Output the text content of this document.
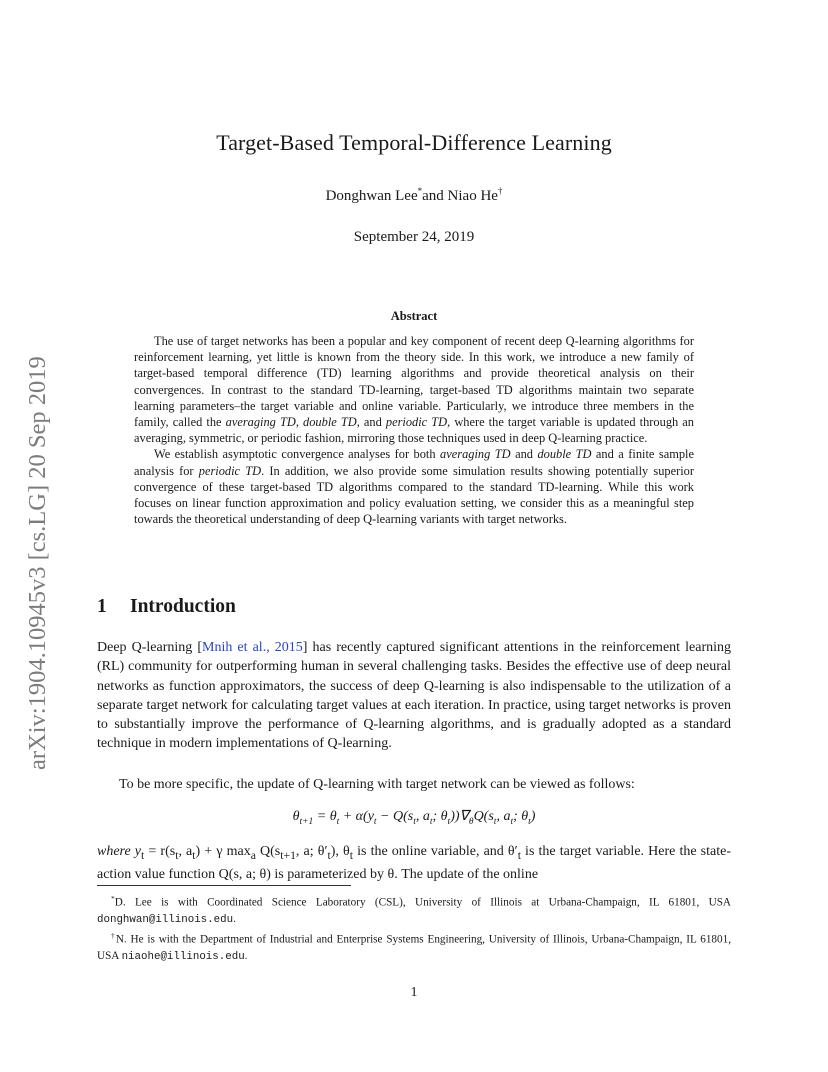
arXiv:1904.10945v3 [cs.LG] 20 Sep 2019
Target-Based Temporal-Difference Learning
Donghwan Lee*and Niao He†
September 24, 2019
Abstract

The use of target networks has been a popular and key component of recent deep Q-learning algorithms for reinforcement learning, yet little is known from the theory side. In this work, we introduce a new family of target-based temporal difference (TD) learning algorithms and provide theoretical analysis on their convergences. In contrast to the standard TD-learning, target-based TD algorithms maintain two separate learning parameters–the target variable and online variable. Particularly, we introduce three members in the family, called the averaging TD, double TD, and periodic TD, where the target variable is updated through an averaging, symmetric, or periodic fashion, mirroring those techniques used in deep Q-learning practice.

We establish asymptotic convergence analyses for both averaging TD and double TD and a finite sample analysis for periodic TD. In addition, we also provide some simulation results showing potentially superior convergence of these target-based TD algorithms compared to the standard TD-learning. While this work focuses on linear function approximation and policy evaluation setting, we consider this as a meaningful step towards the theoretical understanding of deep Q-learning variants with target networks.

1 Introduction

Deep Q-learning [Mnih et al., 2015] has recently captured significant attentions in the reinforcement learning (RL) community for outperforming human in several challenging tasks. Besides the effective use of deep neural networks as function approximators, the success of deep Q-learning is also indispensable to the utilization of a separate target network for calculating target values at each iteration. In practice, using target networks is proven to substantially improve the performance of Q-learning algorithms, and is gradually adopted as a standard technique in modern implementations of Q-learning.

To be more specific, the update of Q-learning with target network can be viewed as follows:

$\theta_{t+1} = \theta_t + \alpha(y_t - Q(s_t$, $a_t$; $\theta_t))\nabla_\theta Q(s_t$, $a_t$; $\theta_t$)

where $y_t = r(s_t$, $a_t) + \gamma$ $\max_a Q(s_{t+1}$, a; $\theta'_t$), $\theta_t$ is the online variable, and $\theta'_t$ is the target variable. Here the state-action value function Q(s, a; θ) is parameterized by θ. The update of the online

*D. Lee is with Coordinated Science Laboratory (CSL), University of Illinois at Urbana-Champaign, IL 61801, USA donghwan@illinois.edu.

†N. He is with the Department of Industrial and Enterprise Systems Engineering, University of Illinois, Urbana-Champaign, IL 61801, USA niaohe@illinois.edu.

1
